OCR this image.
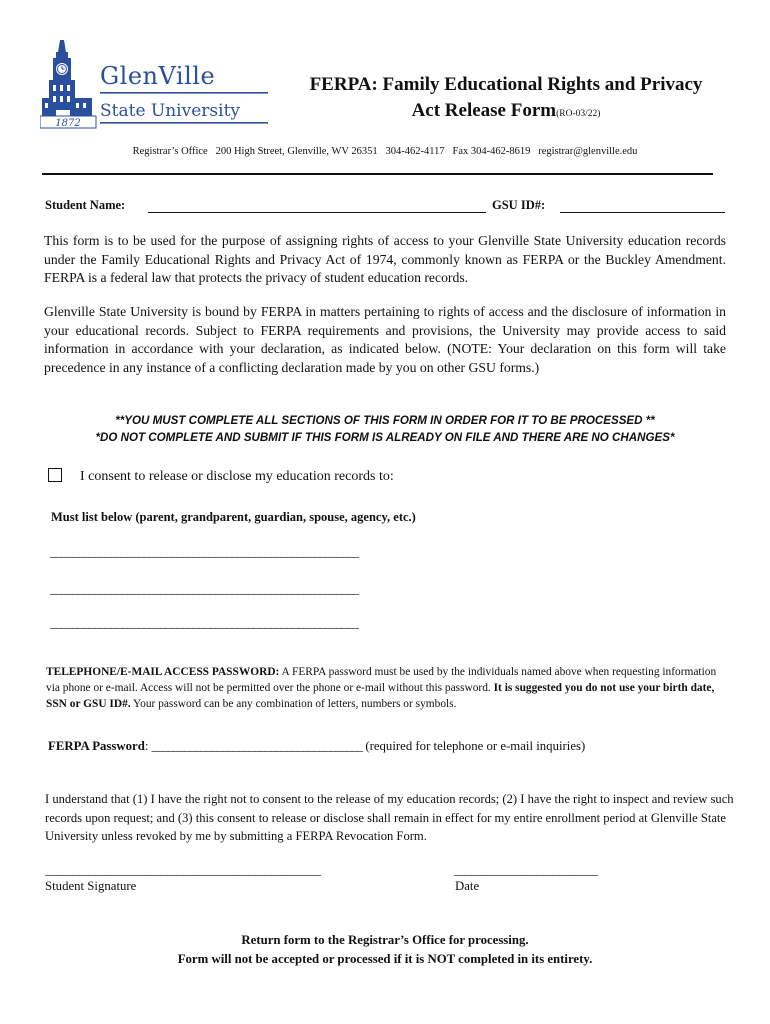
1872
GlenVille
State University
FERPA: Family Educational Rights and Privacy
Act Release Form(RO-03/22)
Registrar’s Office   200 High Street, Glenville, WV 26351   304-462-4117   Fax 304-462-8619   registrar@glenville.edu
Student Name:	GSU ID#:
This form is to be used for the purpose of assigning rights of access to your Glenville State University education records under the Family Educational Rights and Privacy Act of 1974, commonly known as FERPA or the Buckley Amendment. FERPA is a federal law that protects the privacy of student education records.
Glenville State University is bound by FERPA in matters pertaining to rights of access and the disclosure of information in your educational records. Subject to FERPA requirements and provisions, the University may provide access to said information in accordance with your declaration, as indicated below. (NOTE: Your declaration on this form will take precedence in any instance of a conflicting declaration made by you on other GSU forms.)
**YOU MUST COMPLETE ALL SECTIONS OF THIS FORM IN ORDER FOR IT TO BE PROCESSED **
*DO NOT COMPLETE AND SUBMIT IF THIS FORM IS ALREADY ON FILE AND THERE ARE NO CHANGES*
I consent to release or disclose my education records to:
Must list below (parent, grandparent, guardian, spouse, agency, etc.)
________________________________________________________
________________________________________________________
________________________________________________________
TELEPHONE/E-MAIL ACCESS PASSWORD: A FERPA password must be used by the individuals named above when requesting information via phone or e-mail. Access will not be permitted over the phone or e-mail without this password. It is suggested you do not use your birth date, SSN or GSU ID#. Your password can be any combination of letters, numbers or symbols.
FERPA Password: _______________________________________ (required for telephone or e-mail inquiries)
I understand that (1) I have the right not to consent to the release of my education records; (2) I have the right to inspect and review such records upon request; and (3) this consent to release or disclose shall remain in effect for my entire enrollment period at Glenville State University unless revoked by me by submitting a FERPA Revocation Form.
__________________________________________________
Student Signature
__________________________
Date
Return form to the Registrar’s Office for processing.
Form will not be accepted or processed if it is NOT completed in its entirety.
